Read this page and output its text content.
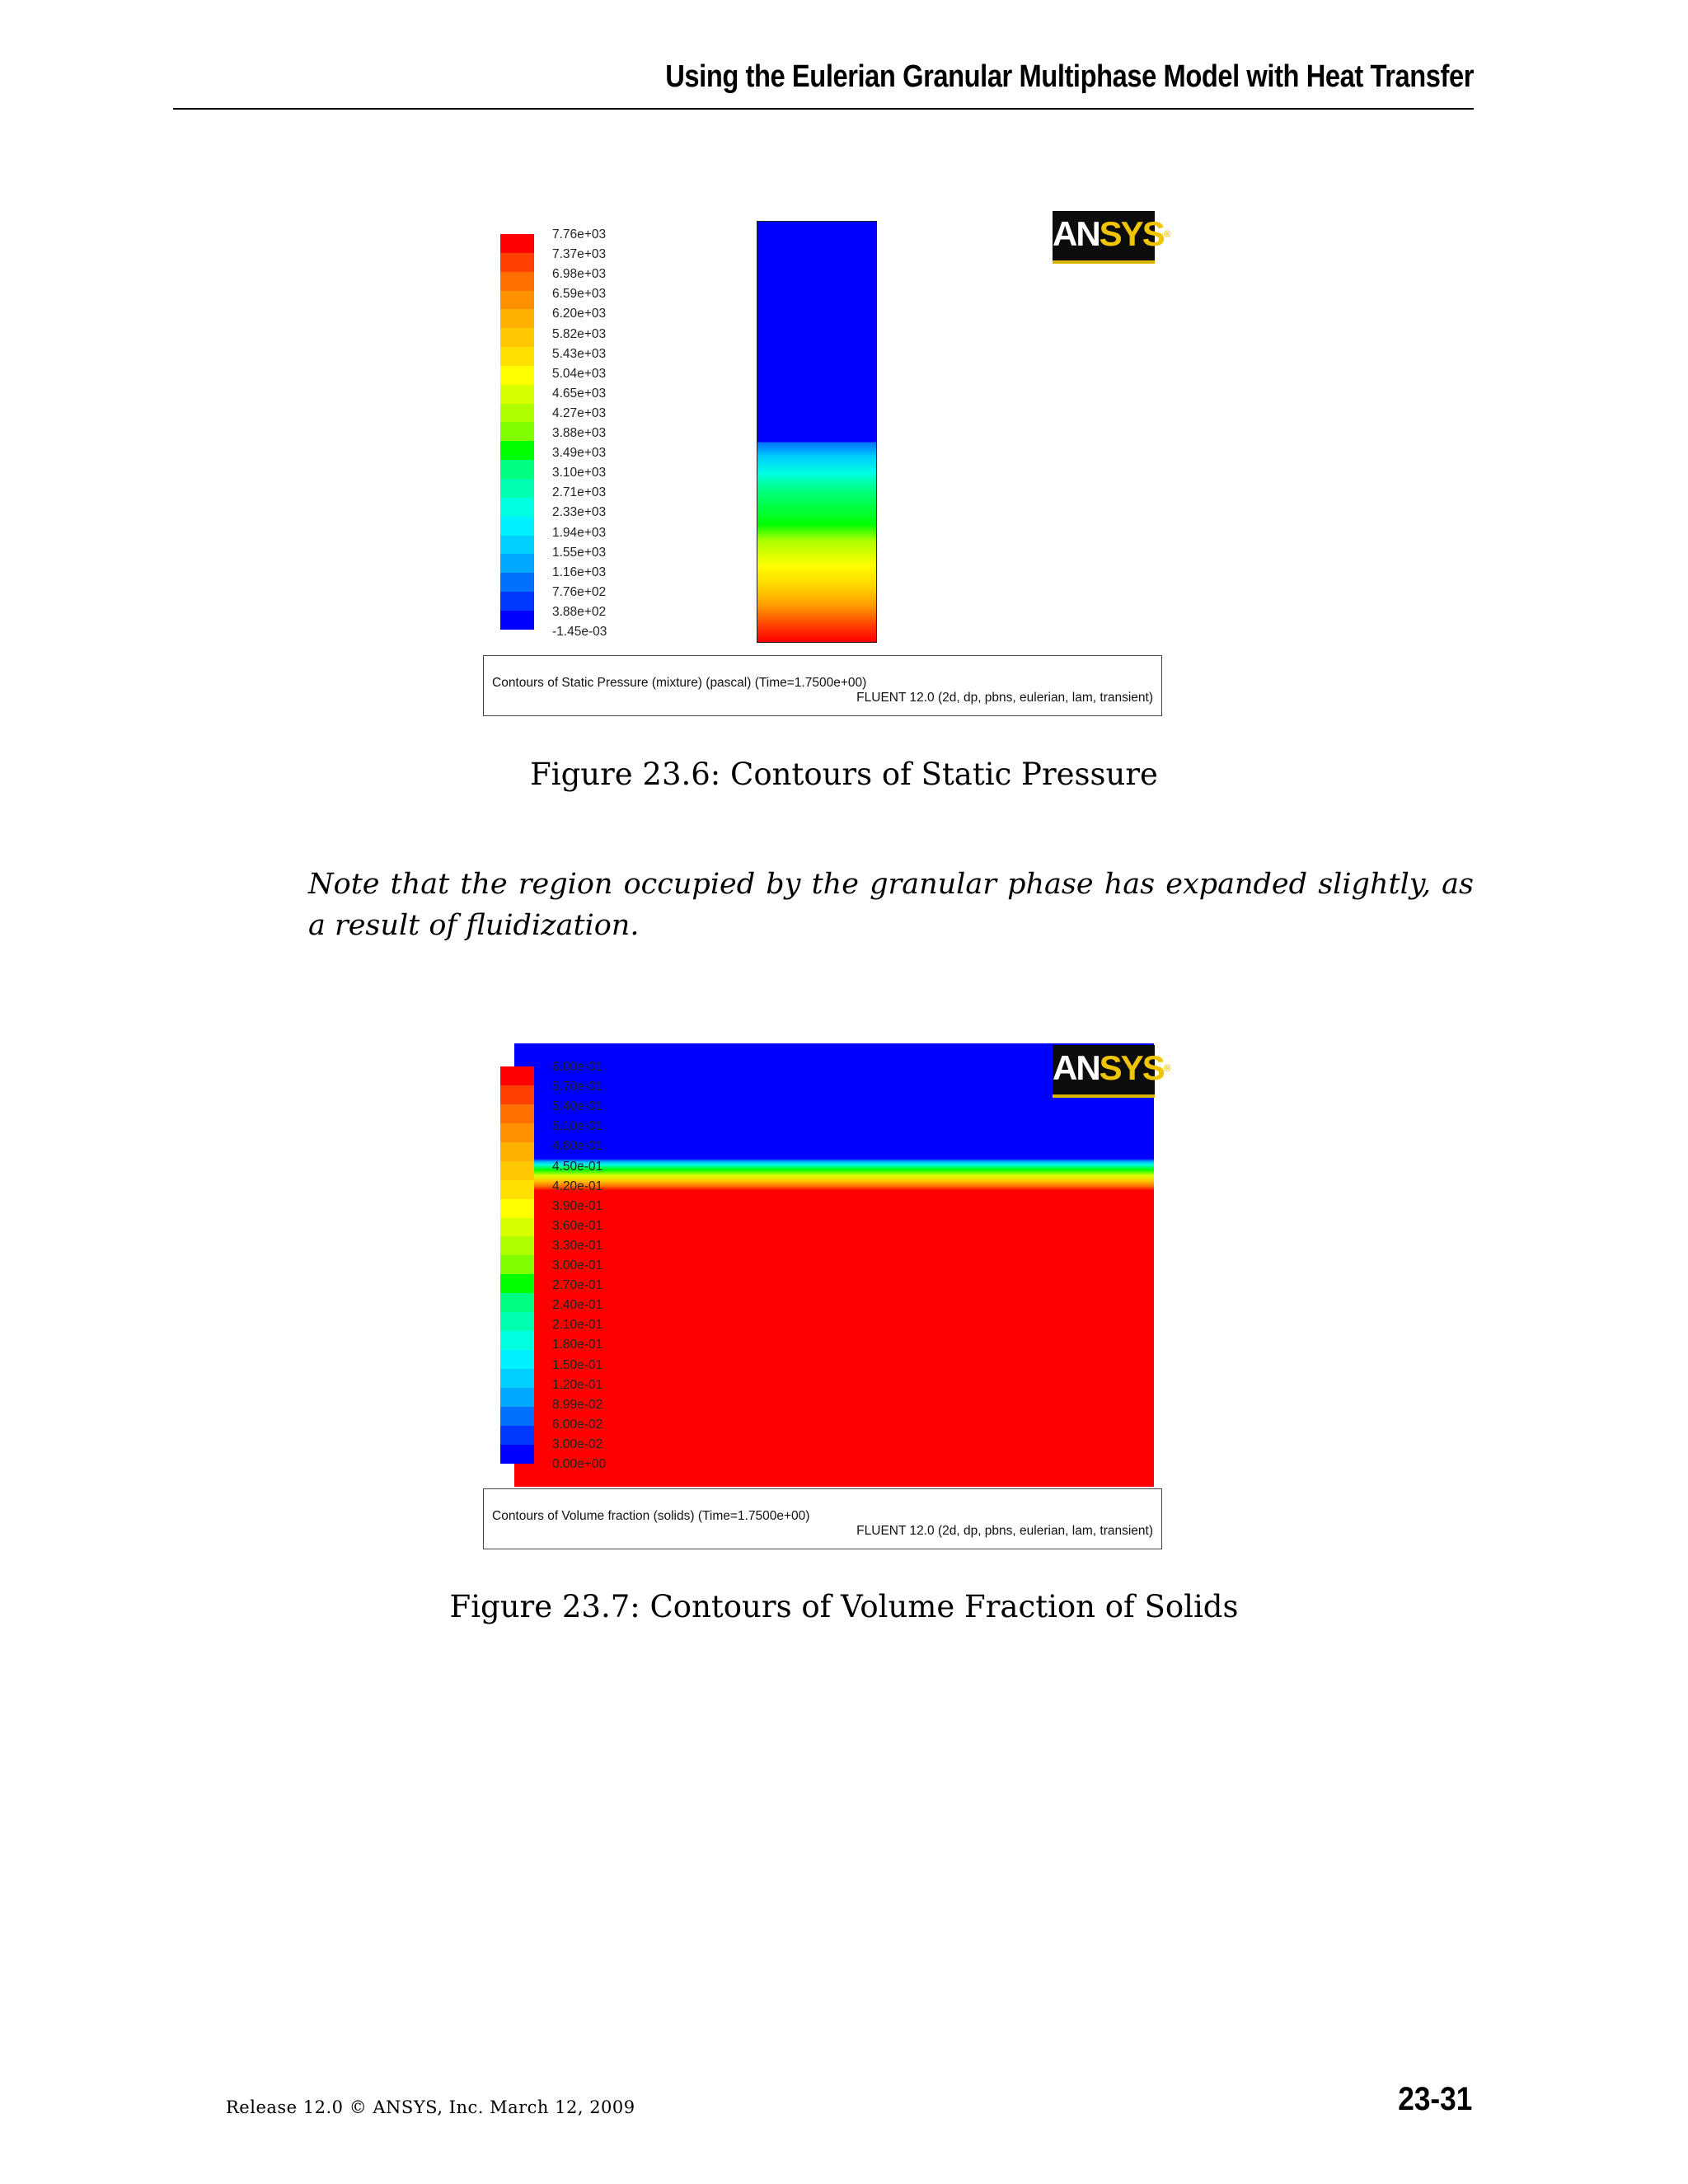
Using the Eulerian Granular Multiphase Model with Heat Transfer
7.76e+03
7.37e+03
6.98e+03
6.59e+03
6.20e+03
5.82e+03
5.43e+03
5.04e+03
4.65e+03
4.27e+03
3.88e+03
3.49e+03
3.10e+03
2.71e+03
2.33e+03
1.94e+03
1.55e+03
1.16e+03
7.76e+02
3.88e+02
-1.45e-03
ANSYS®
Contours of Static Pressure (mixture) (pascal) (Time=1.7500e+00)
FLUENT 12.0 (2d, dp, pbns, eulerian, lam, transient)
Figure 23.6: Contours of Static Pressure
Note that the region occupied by the granular phase has expanded slightly, as a result of fluidization.
6.00e-01
5.70e-01
5.40e-01
5.10e-01
4.80e-01
4.50e-01
4.20e-01
3.90e-01
3.60e-01
3.30e-01
3.00e-01
2.70e-01
2.40e-01
2.10e-01
1.80e-01
1.50e-01
1.20e-01
8.99e-02
6.00e-02
3.00e-02
0.00e+00
ANSYS®
Contours of Volume fraction (solids) (Time=1.7500e+00)
FLUENT 12.0 (2d, dp, pbns, eulerian, lam, transient)
Figure 23.7: Contours of Volume Fraction of Solids
Release 12.0 © ANSYS, Inc. March 12, 2009	23-31
